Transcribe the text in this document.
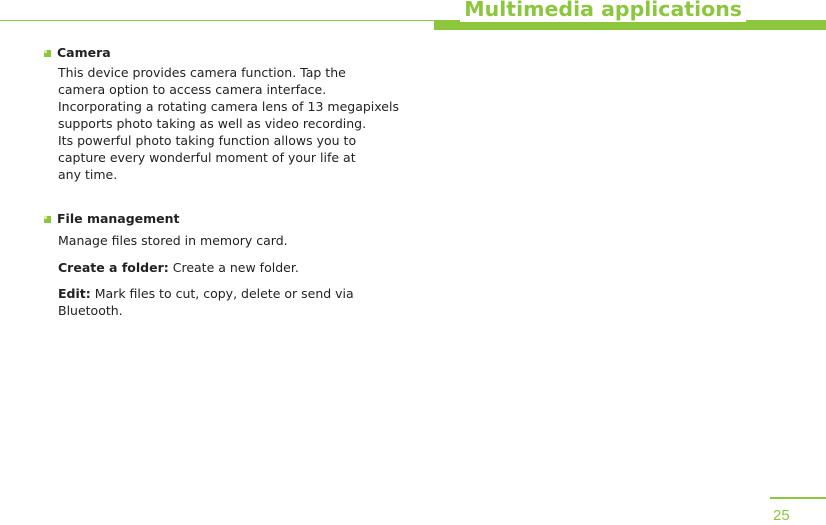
Multimedia applications
Camera
This device provides camera function. Tap the
camera option to access camera interface.
Incorporating a rotating camera lens of 13 megapixels
supports photo taking as well as video recording.
Its powerful photo taking function allows you to
capture every wonderful moment of your life at
any time.
File management
Manage files stored in memory card.
Create a folder: Create a new folder.
Edit: Mark files to cut, copy, delete or send via
Bluetooth.
25
